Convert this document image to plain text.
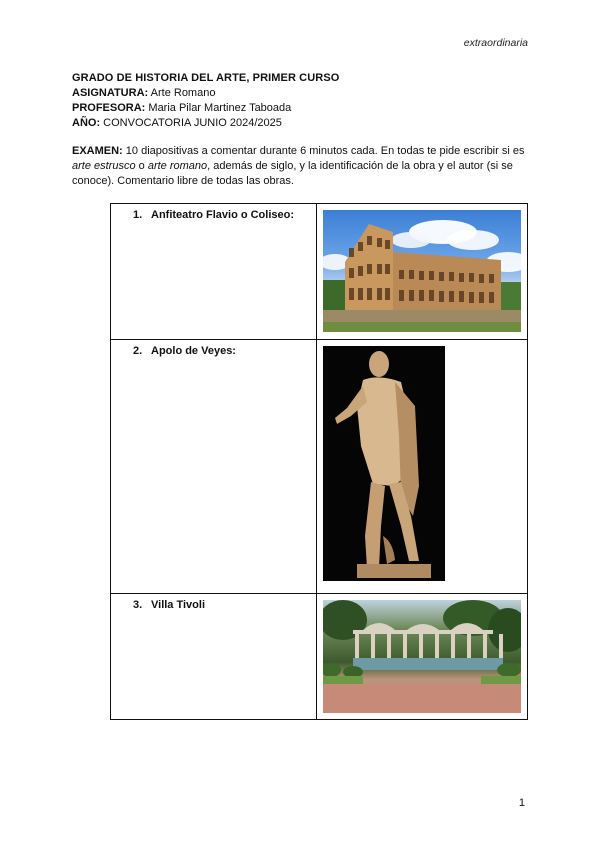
extraordinaria
GRADO DE HISTORIA DEL ARTE, PRIMER CURSO
ASIGNATURA: Arte Romano
PROFESORA: Maria Pilar Martinez Taboada
AÑO: CONVOCATORIA JUNIO 2024/2025
EXAMEN: 10 diapositivas a comentar durante 6 minutos cada. En todas te pide escribir si es arte estrusco o arte romano, además de siglo, y la identificación de la obra y el autor (si se conoce). Comentario libre de todas las obras.
1. Anfiteatro Flavio o Coliseo:

2. Apolo de Veyes:

3. Villa Tivoli

1
